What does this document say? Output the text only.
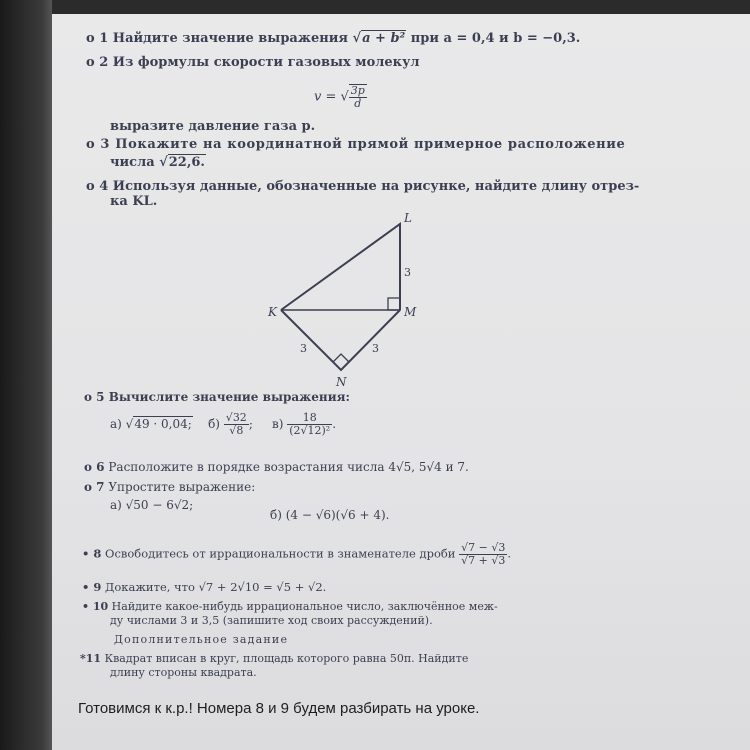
o 1 Найдите значение выражения √a + b² при a = 0,4 и b = −0,3.
o 2 Из формулы скорости газовых молекул
v = √ $\frac{3p}{d}$
выразите давление газа p.
o 3 Покажите на координатной прямой примерное расположение
числа √22,6.
o 4 Используя данные, обозначенные на рисунке, найдите длину отрез-
ка KL.
L
K	M
N
3
3	3
o 5 Вычислите значение выражения:
а) √49 · 0,04; $б) \frac{√32}{√8}$ ;     $в) \frac{18}{\text{(2√12)²}}$ .
o 6 Расположите в порядке возрастания числа 4√5, 5√4 и 7.
o 7 Упростите выражение:
а) √50 − 6√2;
б) (4 − √6)(√6 + 4).
• 8 Освободитесь от иррациональности в знаменателе дроби $\frac{√7 - √3}{√7 + √3}$ .
• 9 Докажите, что √7 + 2√10 = √5 + √2.
• 10 Найдите какое-нибудь иррациональное число, заключённое меж-
ду числами 3 и 3,5 (запишите ход своих рассуждений).
Дополнительное задание
*11 Квадрат вписан в круг, площадь которого равна 50π. Найдите
длину стороны квадрата.
Готовимся к к.р.! Номера 8 и 9 будем разбирать на уроке.
